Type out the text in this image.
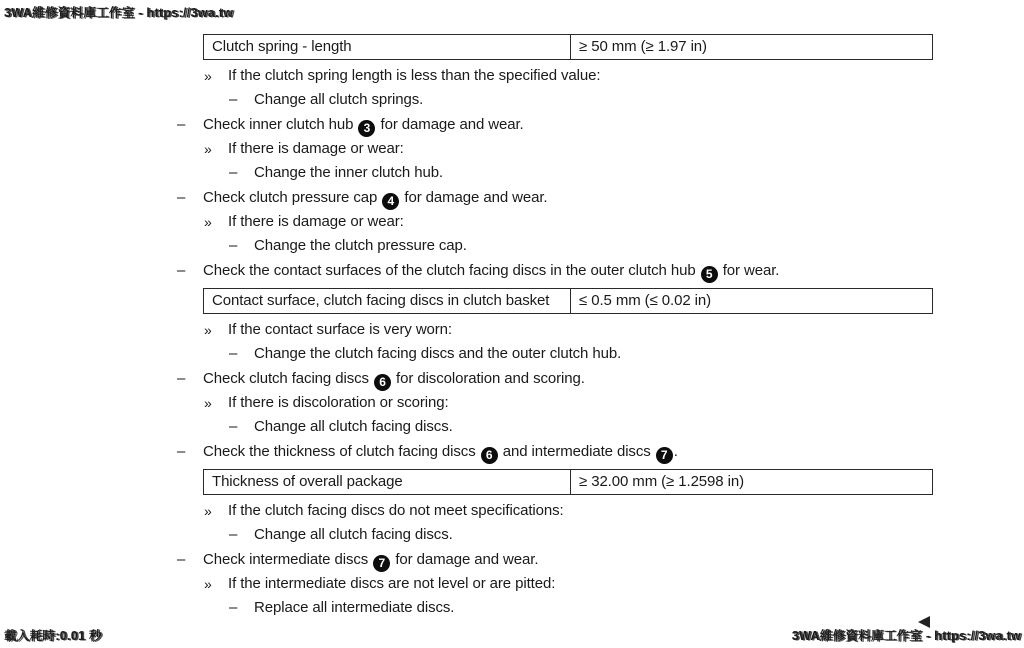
3WA維修資料庫工作室 - https://3wa.tw
Clutch spring - length	≥ 50 mm (≥ 1.97 in)
» If the clutch spring length is less than the specified value:
– Change all clutch springs.
– Check inner clutch hub 3 for damage and wear.
» If there is damage or wear:
– Change the inner clutch hub.
– Check clutch pressure cap 4 for damage and wear.
» If there is damage or wear:
– Change the clutch pressure cap.
– Check the contact surfaces of the clutch facing discs in the outer clutch hub 5 for wear.
Contact surface, clutch facing discs in clutch basket	≤ 0.5 mm (≤ 0.02 in)
» If the contact surface is very worn:
– Change the clutch facing discs and the outer clutch hub.
– Check clutch facing discs 6 for discoloration and scoring.
» If there is discoloration or scoring:
– Change all clutch facing discs.
– Check the thickness of clutch facing discs 6 and intermediate discs 7 .
Thickness of overall package	≥ 32.00 mm (≥ 1.2598 in)
» If the clutch facing discs do not meet specifications:
– Change all clutch facing discs.
– Check intermediate discs 7 for damage and wear.
» If the intermediate discs are not level or are pitted:
– Replace all intermediate discs.
載入耗時:0.01 秒	3WA維修資料庫工作室 - https://3wa.tw
